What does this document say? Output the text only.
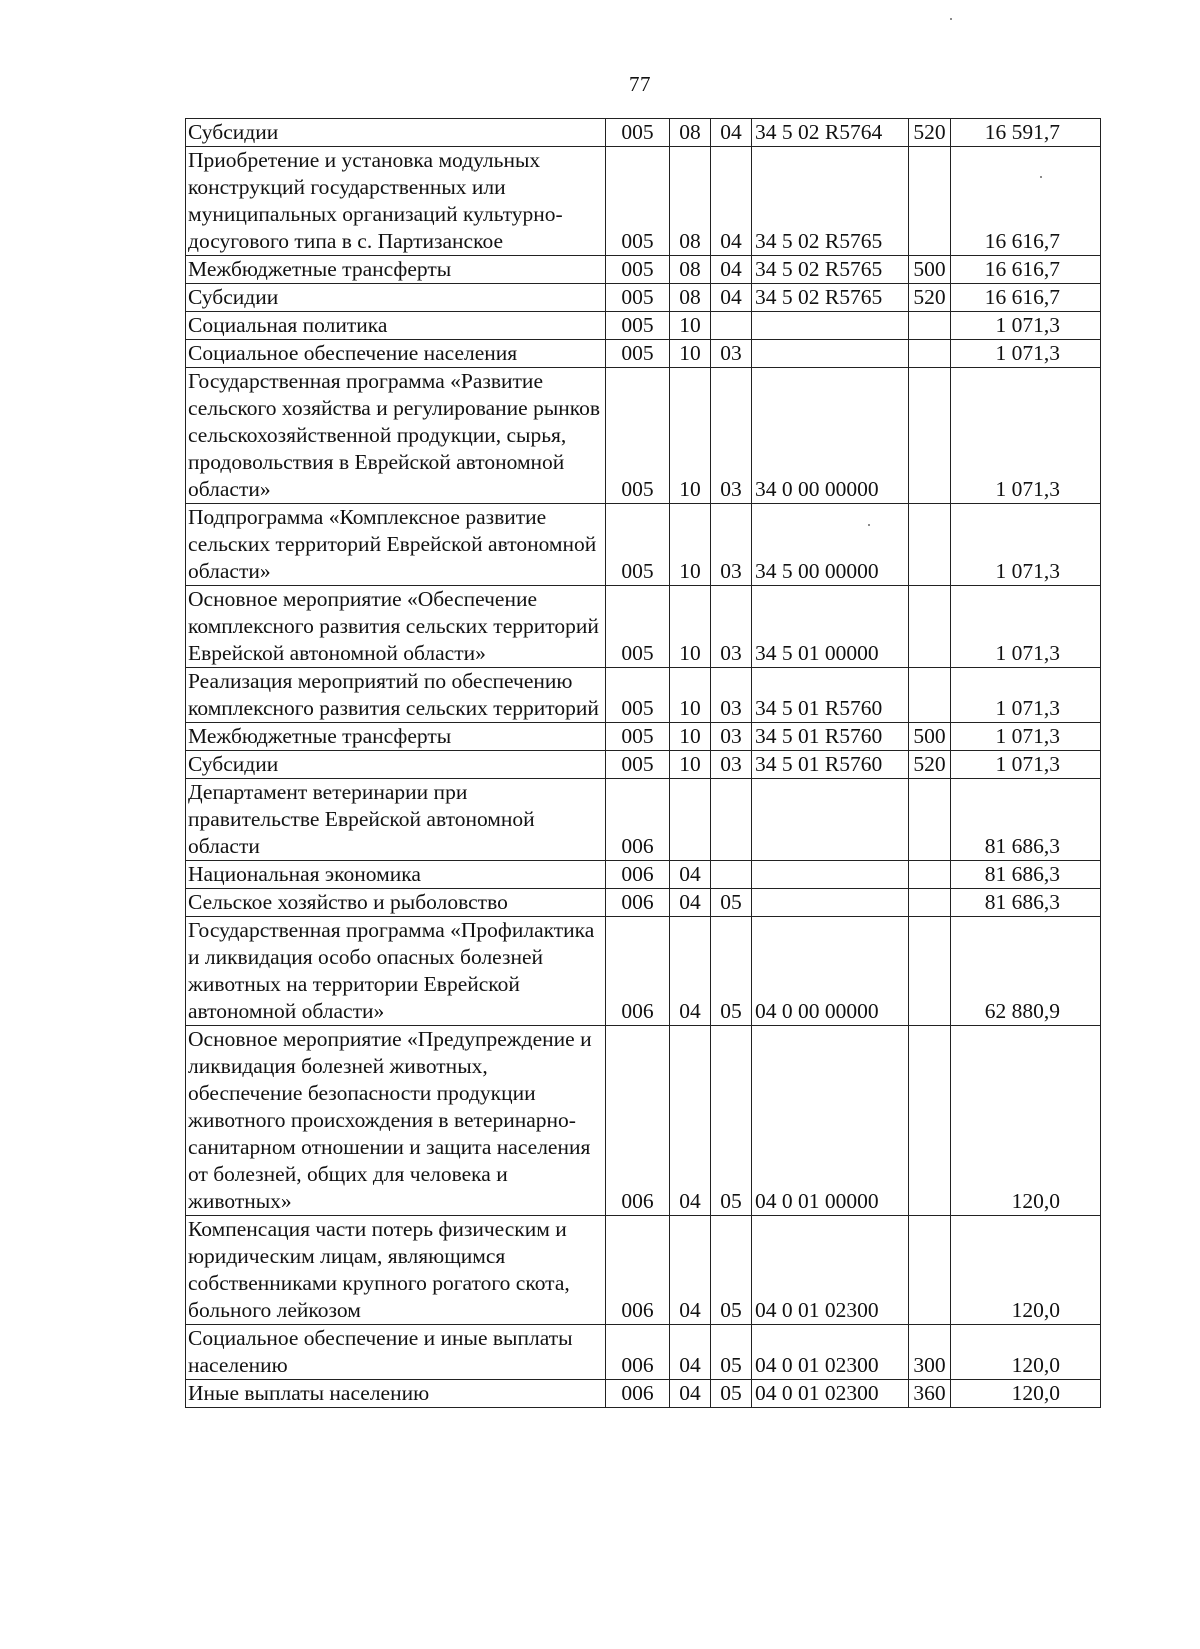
77
Субсидии	005	08	04	34 5 02 R5764	520	16 591,7
Приобретение и установка модульных конструкций государственных или муниципальных организаций культурно-досугового типа в с. Партизанское	005	08	04	34 5 02 R5765		16 616,7
Межбюджетные трансферты	005	08	04	34 5 02 R5765	500	16 616,7
Субсидии	005	08	04	34 5 02 R5765	520	16 616,7
Социальная политика	005	10				1 071,3
Социальное обеспечение населения	005	10	03			1 071,3
Государственная программа «Развитие сельского хозяйства и регулирование рынков сельскохозяйственной продукции, сырья, продовольствия в Еврейской автономной области»	005	10	03	34 0 00 00000		1 071,3
Подпрограмма «Комплексное развитие сельских территорий Еврейской автономной области»	005	10	03	34 5 00 00000		1 071,3
Основное мероприятие «Обеспечение комплексного развития сельских территорий Еврейской автономной области»	005	10	03	34 5 01 00000		1 071,3
Реализация мероприятий по обеспечению комплексного развития сельских территорий	005	10	03	34 5 01 R5760		1 071,3
Межбюджетные трансферты	005	10	03	34 5 01 R5760	500	1 071,3
Субсидии	005	10	03	34 5 01 R5760	520	1 071,3
Департамент ветеринарии при правительстве Еврейской автономной области	006					81 686,3
Национальная экономика	006	04				81 686,3
Сельское хозяйство и рыболовство	006	04	05			81 686,3
Государственная программа «Профилактика и ликвидация особо опасных болезней животных на территории Еврейской автономной области»	006	04	05	04 0 00 00000		62 880,9
Основное мероприятие «Предупреждение и ликвидация болезней животных, обеспечение безопасности продукции животного происхождения в ветеринарно-санитарном отношении и защита населения от болезней, общих для человека и животных»	006	04	05	04 0 01 00000		120,0
Компенсация части потерь физическим и юридическим лицам, являющимся собственниками крупного рогатого скота, больного лейкозом	006	04	05	04 0 01 02300		120,0
Социальное обеспечение и иные выплаты населению	006	04	05	04 0 01 02300	300	120,0
Иные выплаты населению	006	04	05	04 0 01 02300	360	120,0
